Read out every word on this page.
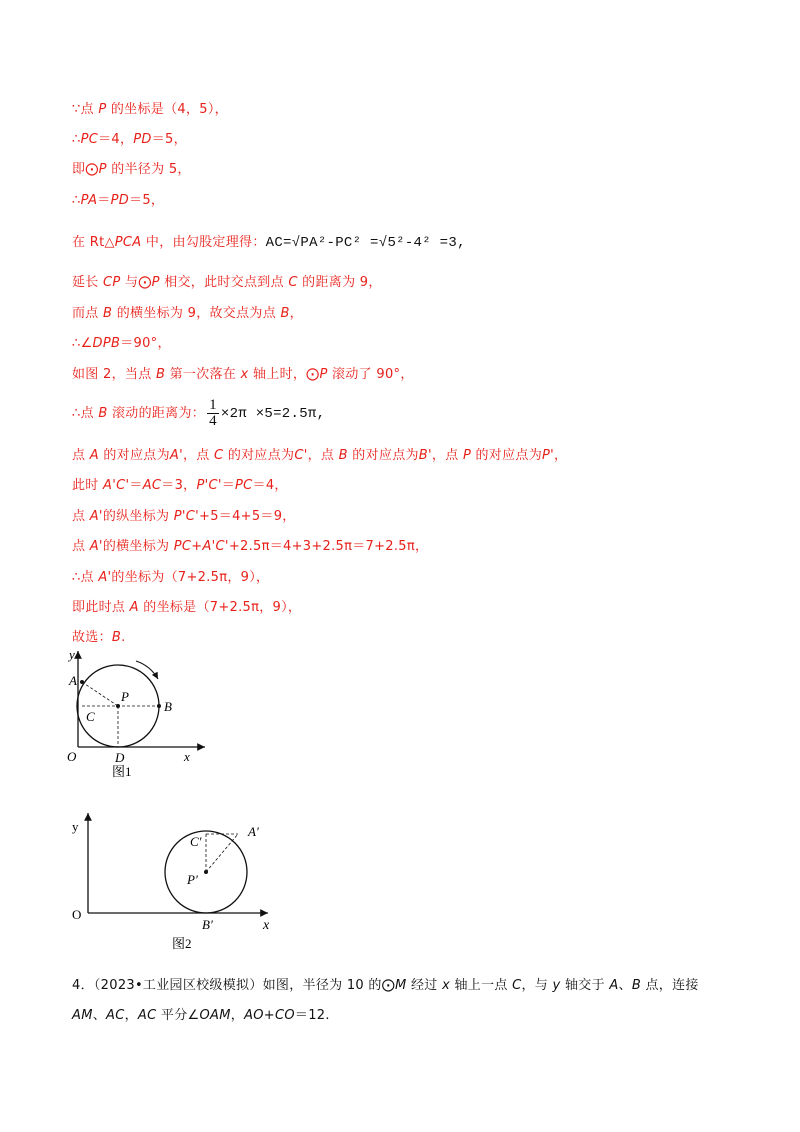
∵点 P 的坐标是（4，5），
∴PC＝4，PD＝5，
即⨀P 的半径为 5，
∴PA＝PD＝5，
在 Rt△PCA 中，由勾股定理得：AC=√PA²-PC² =√5²-4² =3,
延长 CP 与⨀P 相交，此时交点到点 C 的距离为 9，
而点 B 的横坐标为 9，故交点为点 B，
∴∠DPB＝90°，
如图 2，当点 B 第一次落在 x 轴上时，⨀P 滚动了 90°，
∴点 B 滚动的距离为： $\frac{1}{4} \times 2\pi \times 5=2.5\pi$,
点 A 的对应点为A'，点 C 的对应点为C'，点 B 的对应点为B'，点 P 的对应点为P'，
此时 A'C'＝AC＝3，P'C'＝PC＝4，
点 A'的纵坐标为 P'C'+5＝4+5＝9，
点 A'的横坐标为 PC+A'C'+2.5π＝4+3+2.5π＝7+2.5π，
∴点 A'的坐标为（7+2.5π，9），
即此时点 A 的坐标是（7+2.5π，9），
故选：B.
y
x
O
A
P
B
C
D
图1
y
x
O
C′
A′
P′
B′
图2
4．（2023•工业园区校级模拟）如图，半径为 10 的⨀M 经过 x 轴上一点 C，与 y 轴交于 A、B 点，连接
AM、AC，AC 平分∠OAM，AO+CO＝12.
